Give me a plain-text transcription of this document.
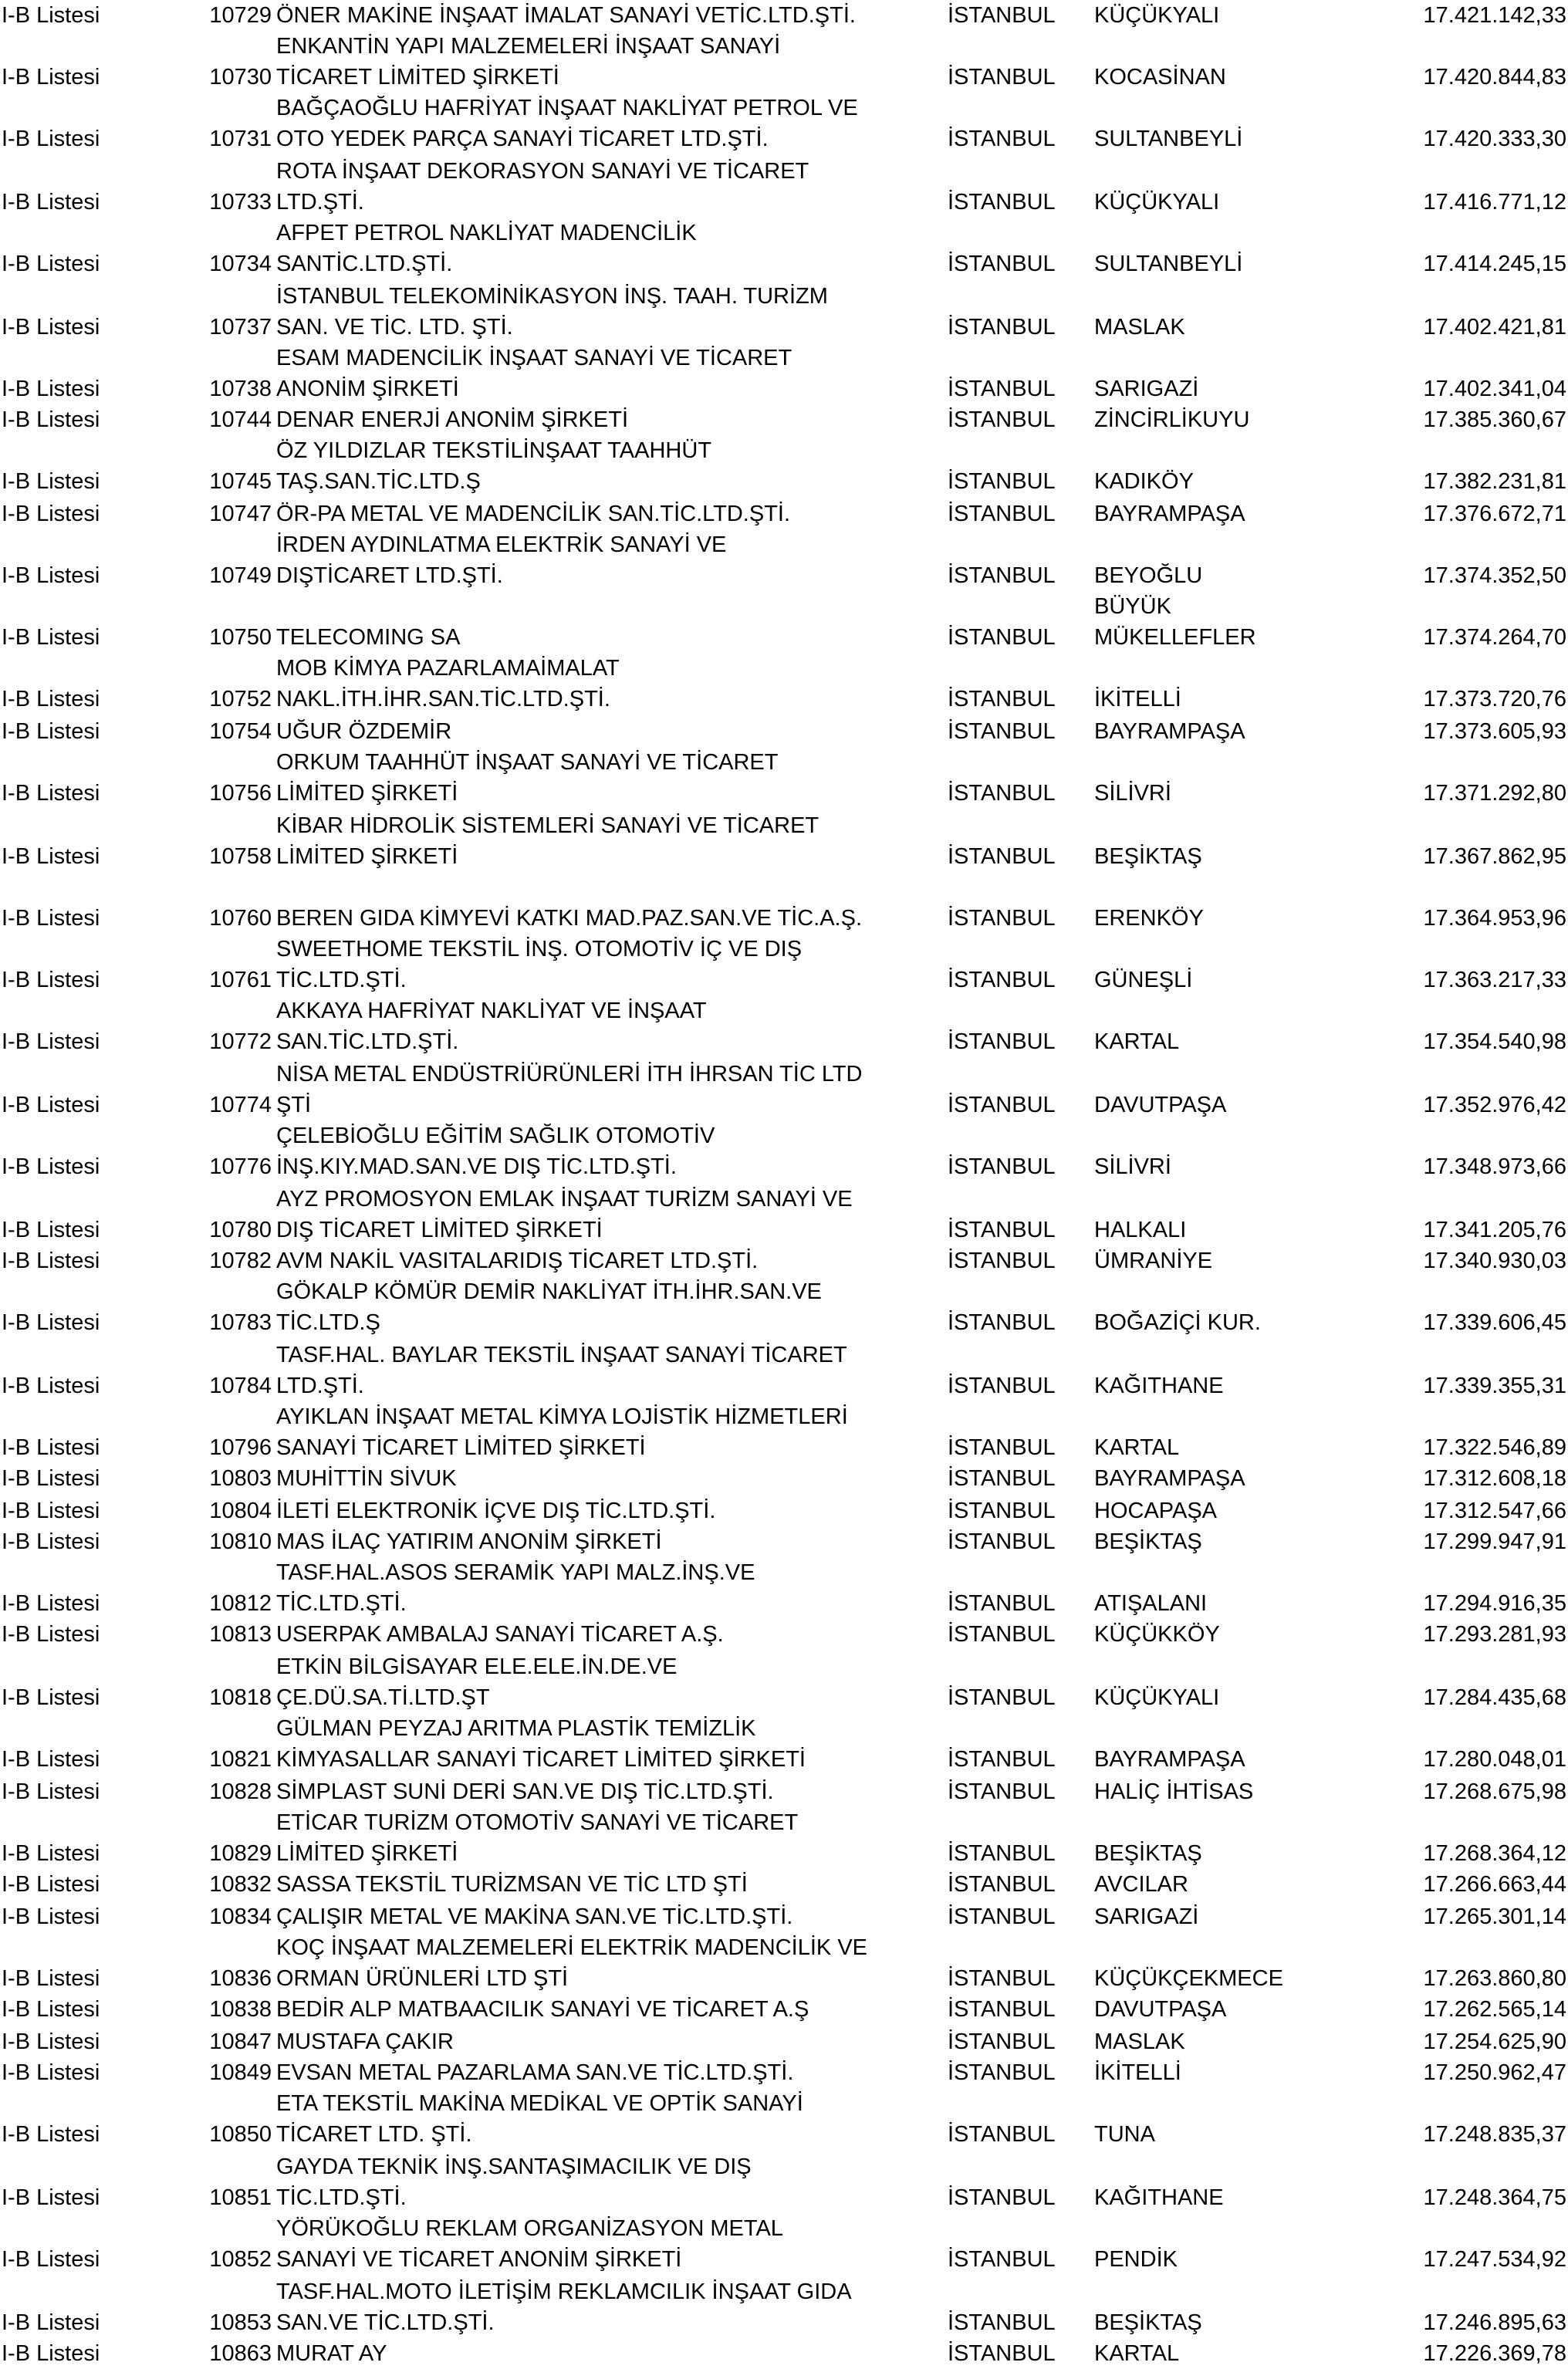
I-B Listesi	10729 ÖNER MAKİNE İNŞAAT İMALAT SANAYİ VETİC.LTD.ŞTİ.	İSTANBUL KÜÇÜKYALI	17.421.142,33
ENKANTİN YAPI MALZEMELERİ İNŞAAT SANAYİ
I-B Listesi	10730 TİCARET LİMİTED ŞİRKETİ	İSTANBUL KOCASİNAN	17.420.844,83
BAĞÇAOĞLU HAFRİYAT İNŞAAT NAKLİYAT PETROL VE
I-B Listesi	10731 OTO YEDEK PARÇA SANAYİ TİCARET LTD.ŞTİ.	İSTANBUL SULTANBEYLİ	17.420.333,30
ROTA İNŞAAT DEKORASYON SANAYİ VE TİCARET
I-B Listesi	10733 LTD.ŞTİ.	İSTANBUL KÜÇÜKYALI	17.416.771,12
AFPET PETROL NAKLİYAT MADENCİLİK
I-B Listesi	10734 SANTİC.LTD.ŞTİ.	İSTANBUL SULTANBEYLİ	17.414.245,15
İSTANBUL TELEKOMİNİKASYON İNŞ. TAAH. TURİZM
I-B Listesi	10737 SAN. VE TİC. LTD. ŞTİ.	İSTANBUL MASLAK	17.402.421,81
ESAM MADENCİLİK İNŞAAT SANAYİ VE TİCARET
I-B Listesi	10738 ANONİM ŞİRKETİ	İSTANBUL SARIGAZİ	17.402.341,04
I-B Listesi	10744 DENAR ENERJİ ANONİM ŞİRKETİ	İSTANBUL ZİNCİRLİKUYU	17.385.360,67
ÖZ YILDIZLAR TEKSTİLİNŞAAT TAAHHÜT
I-B Listesi	10745 TAŞ.SAN.TİC.LTD.Ş	İSTANBUL KADIKÖY	17.382.231,81
I-B Listesi	10747 ÖR-PA METAL VE MADENCİLİK SAN.TİC.LTD.ŞTİ.	İSTANBUL BAYRAMPAŞA	17.376.672,71
İRDEN AYDINLATMA ELEKTRİK SANAYİ VE
I-B Listesi	10749 DIŞTİCARET LTD.ŞTİ.	İSTANBUL BEYOĞLU	17.374.352,50
BÜYÜK
I-B Listesi	10750 TELECOMING SA	İSTANBUL MÜKELLEFLER	17.374.264,70
MOB KİMYA PAZARLAMAİMALAT
I-B Listesi	10752 NAKL.İTH.İHR.SAN.TİC.LTD.ŞTİ.	İSTANBUL İKİTELLİ	17.373.720,76
I-B Listesi	10754 UĞUR ÖZDEMİR	İSTANBUL BAYRAMPAŞA	17.373.605,93
ORKUM TAAHHÜT İNŞAAT SANAYİ VE TİCARET
I-B Listesi	10756 LİMİTED ŞİRKETİ	İSTANBUL SİLİVRİ	17.371.292,80
KİBAR HİDROLİK SİSTEMLERİ SANAYİ VE TİCARET
I-B Listesi	10758 LİMİTED ŞİRKETİ	İSTANBUL BEŞİKTAŞ	17.367.862,95
I-B Listesi	10760 BEREN GIDA KİMYEVİ KATKI MAD.PAZ.SAN.VE TİC.A.Ş.	İSTANBUL ERENKÖY	17.364.953,96
SWEETHOME TEKSTİL İNŞ. OTOMOTİV İÇ VE DIŞ
I-B Listesi	10761 TİC.LTD.ŞTİ.	İSTANBUL GÜNEŞLİ	17.363.217,33
AKKAYA HAFRİYAT NAKLİYAT VE İNŞAAT
I-B Listesi	10772 SAN.TİC.LTD.ŞTİ.	İSTANBUL KARTAL	17.354.540,98
NİSA METAL ENDÜSTRİÜRÜNLERİ İTH İHRSAN TİC LTD
I-B Listesi	10774 ŞTİ	İSTANBUL DAVUTPAŞA	17.352.976,42
ÇELEBİOĞLU EĞİTİM SAĞLIK OTOMOTİV
I-B Listesi	10776 İNŞ.KIY.MAD.SAN.VE DIŞ TİC.LTD.ŞTİ.	İSTANBUL SİLİVRİ	17.348.973,66
AYZ PROMOSYON EMLAK İNŞAAT TURİZM SANAYİ VE
I-B Listesi	10780 DIŞ TİCARET LİMİTED ŞİRKETİ	İSTANBUL HALKALI	17.341.205,76
I-B Listesi	10782 AVM NAKİL VASITALARIDIŞ TİCARET LTD.ŞTİ.	İSTANBUL ÜMRANİYE	17.340.930,03
GÖKALP KÖMÜR DEMİR NAKLİYAT İTH.İHR.SAN.VE
I-B Listesi	10783 TİC.LTD.Ş	İSTANBUL BOĞAZİÇİ KUR.	17.339.606,45
TASF.HAL. BAYLAR TEKSTİL İNŞAAT SANAYİ TİCARET
I-B Listesi	10784 LTD.ŞTİ.	İSTANBUL KAĞITHANE	17.339.355,31
AYIKLAN İNŞAAT METAL KİMYA LOJİSTİK HİZMETLERİ
I-B Listesi	10796 SANAYİ TİCARET LİMİTED ŞİRKETİ	İSTANBUL KARTAL	17.322.546,89
I-B Listesi	10803 MUHİTTİN SİVUK	İSTANBUL BAYRAMPAŞA	17.312.608,18
I-B Listesi	10804 İLETİ ELEKTRONİK İÇVE DIŞ TİC.LTD.ŞTİ.	İSTANBUL HOCAPAŞA	17.312.547,66
I-B Listesi	10810 MAS İLAÇ YATIRIM ANONİM ŞİRKETİ	İSTANBUL BEŞİKTAŞ	17.299.947,91
TASF.HAL.ASOS SERAMİK YAPI MALZ.İNŞ.VE
I-B Listesi	10812 TİC.LTD.ŞTİ.	İSTANBUL ATIŞALANI	17.294.916,35
I-B Listesi	10813 USERPAK AMBALAJ SANAYİ TİCARET A.Ş.	İSTANBUL KÜÇÜKKÖY	17.293.281,93
ETKİN BİLGİSAYAR ELE.ELE.İN.DE.VE
I-B Listesi	10818 ÇE.DÜ.SA.Tİ.LTD.ŞT	İSTANBUL KÜÇÜKYALI	17.284.435,68
GÜLMAN PEYZAJ ARITMA PLASTİK TEMİZLİK
I-B Listesi	10821 KİMYASALLAR SANAYİ TİCARET LİMİTED ŞİRKETİ	İSTANBUL BAYRAMPAŞA	17.280.048,01
I-B Listesi	10828 SİMPLAST SUNİ DERİ SAN.VE DIŞ TİC.LTD.ŞTİ.	İSTANBUL HALİÇ İHTİSAS	17.268.675,98
ETİCAR TURİZM OTOMOTİV SANAYİ VE TİCARET
I-B Listesi	10829 LİMİTED ŞİRKETİ	İSTANBUL BEŞİKTAŞ	17.268.364,12
I-B Listesi	10832 SASSA TEKSTİL TURİZMSAN VE TİC LTD ŞTİ	İSTANBUL AVCILAR	17.266.663,44
I-B Listesi	10834 ÇALIŞIR METAL VE MAKİNA SAN.VE TİC.LTD.ŞTİ.	İSTANBUL SARIGAZİ	17.265.301,14
KOÇ İNŞAAT MALZEMELERİ ELEKTRİK MADENCİLİK VE
I-B Listesi	10836 ORMAN ÜRÜNLERİ LTD ŞTİ	İSTANBUL KÜÇÜKÇEKMECE	17.263.860,80
I-B Listesi	10838 BEDİR ALP MATBAACILIK SANAYİ VE TİCARET A.Ş	İSTANBUL DAVUTPAŞA	17.262.565,14
I-B Listesi	10847 MUSTAFA ÇAKIR	İSTANBUL MASLAK	17.254.625,90
I-B Listesi	10849 EVSAN METAL PAZARLAMA SAN.VE TİC.LTD.ŞTİ.	İSTANBUL İKİTELLİ	17.250.962,47
ETA TEKSTİL MAKİNA MEDİKAL VE OPTİK SANAYİ
I-B Listesi	10850 TİCARET LTD. ŞTİ.	İSTANBUL TUNA	17.248.835,37
GAYDA TEKNİK İNŞ.SANTAŞIMACILIK VE DIŞ
I-B Listesi	10851 TİC.LTD.ŞTİ.	İSTANBUL KAĞITHANE	17.248.364,75
YÖRÜKOĞLU REKLAM ORGANİZASYON METAL
I-B Listesi	10852 SANAYİ VE TİCARET ANONİM ŞİRKETİ	İSTANBUL PENDİK	17.247.534,92
TASF.HAL.MOTO İLETİŞİM REKLAMCILIK İNŞAAT GIDA
I-B Listesi	10853 SAN.VE TİC.LTD.ŞTİ.	İSTANBUL BEŞİKTAŞ	17.246.895,63
I-B Listesi	10863 MURAT AY	İSTANBUL KARTAL	17.226.369,78
